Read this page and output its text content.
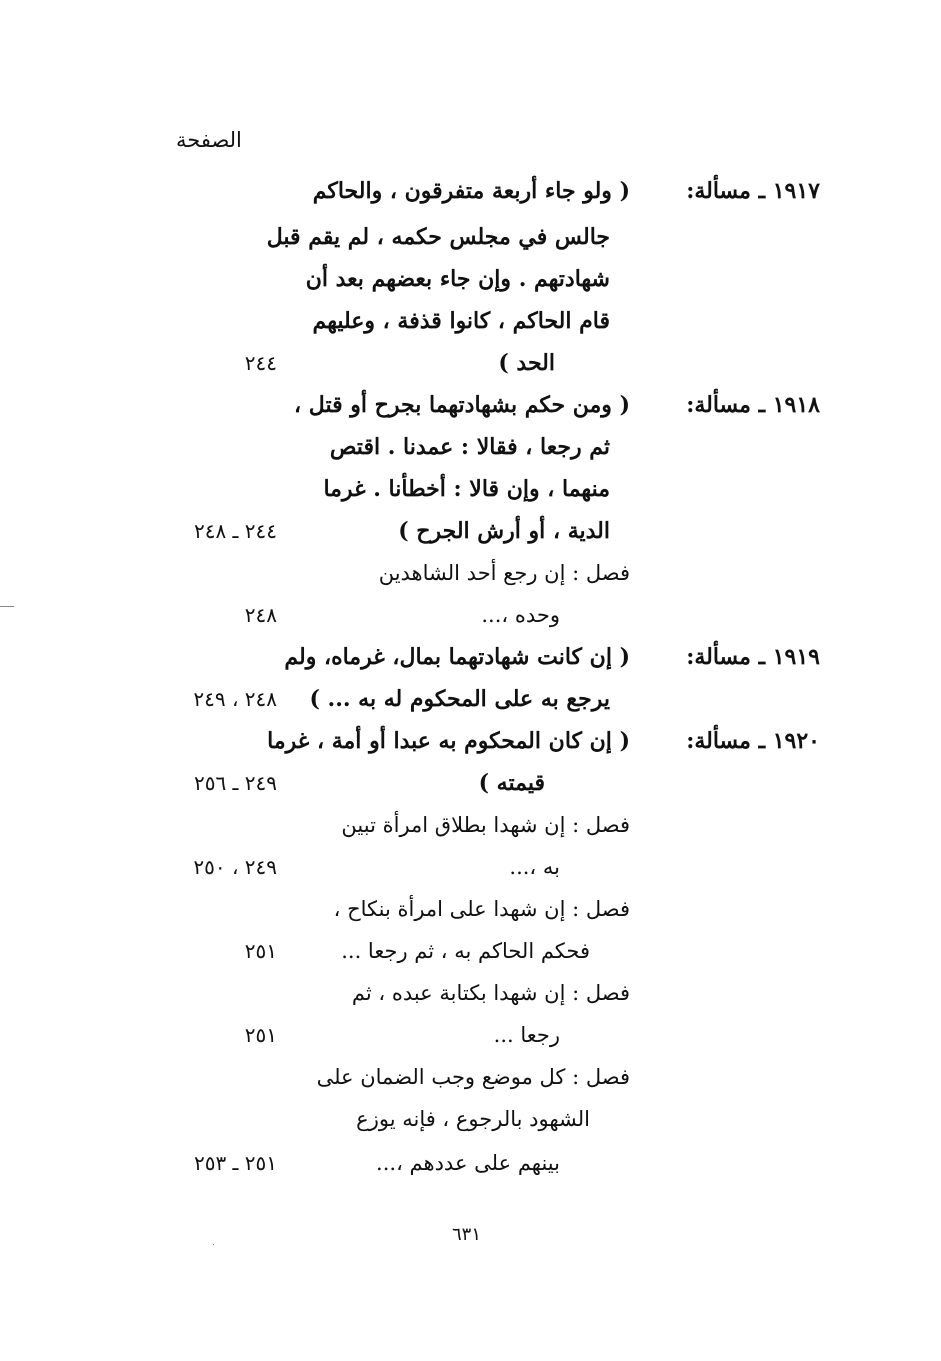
الصفحة
١٩١٧ ـ مسألة:
( ولو جاء أربعة متفرقون ، والحاكم
جالس في مجلس حكمه ، لم يقم قبل
شهادتهم . وإن جاء بعضهم بعد أن
قام الحاكم ، كانوا قذفة ، وعليهم
الحد )
٢٤٤
١٩١٨ ـ مسألة:
( ومن حكم بشهادتهما بجرح أو قتل ،
ثم رجعا ، فقالا : عمدنا . اقتص
منهما ، وإن قالا : أخطأنا . غرما
الدية ، أو أرش الجرح )
٢٤٤ ـ ٢٤٨
فصل : إن رجع أحد الشاهدين
وحده ،...
٢٤٨
١٩١٩ ـ مسألة:
( إن كانت شهادتهما بمال، غرماه، ولم
يرجع به على المحكوم له به ... )
٢٤٨ ، ٢٤٩
١٩٢٠ ـ مسألة:
( إن كان المحكوم به عبدا أو أمة ، غرما
قيمته )
٢٤٩ ـ ٢٥٦
فصل : إن شهدا بطلاق امرأة تبين
به ،...
٢٤٩ ، ٢٥٠
فصل : إن شهدا على امرأة بنكاح ،
فحكم الحاكم به ، ثم رجعا ...
٢٥١
فصل : إن شهدا بكتابة عبده ، ثم
رجعا ...
٢٥١
فصل : كل موضع وجب الضمان على
الشهود بالرجوع ، فإنه يوزع
بينهم على عددهم ،...
٢٥١ ـ ٢٥٣
٦٣١
